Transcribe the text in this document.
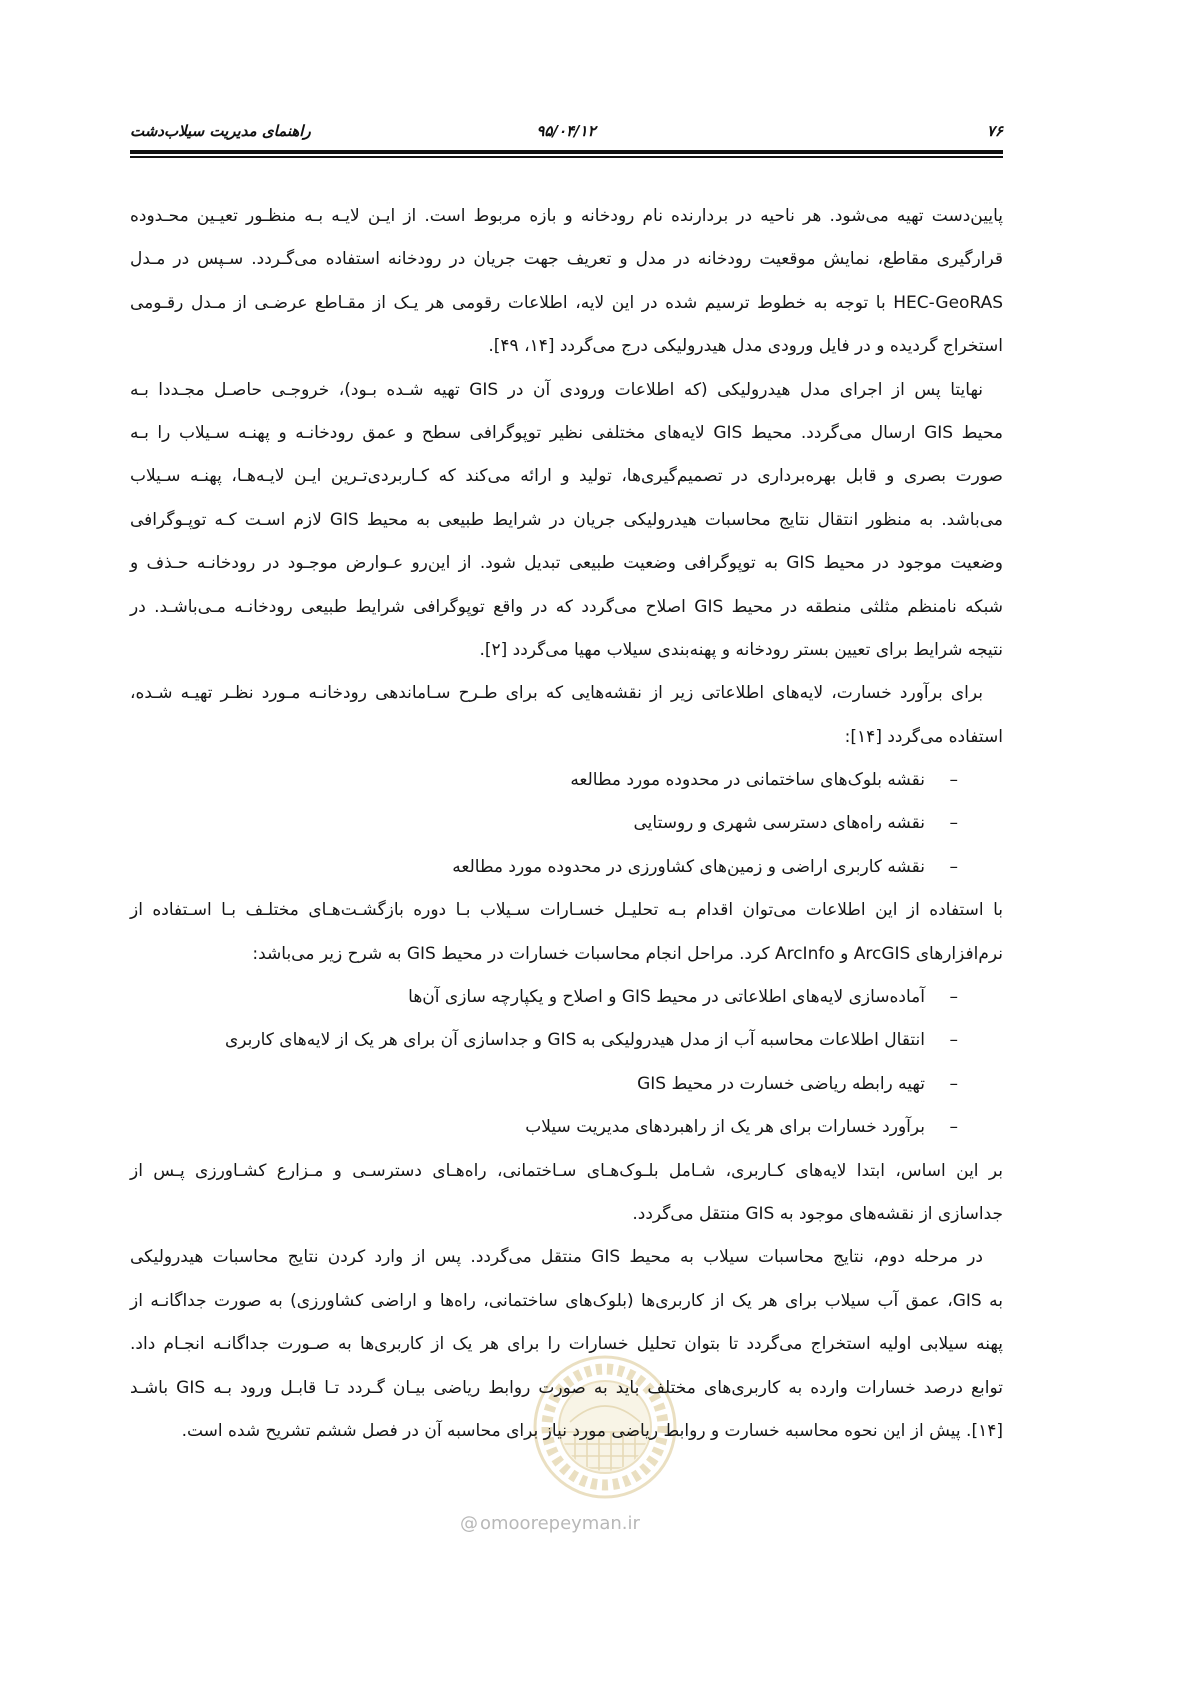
۷۶
۹۵/۰۴/۱۲
راهنمای مدیریت سیلاب‌دشت
پایین‌دست تهیه می‌شود. هر ناحیه در بردارنده نام رودخانه و بازه مربوط است. از ایـن لایـه بـه منظـور تعیـین محـدوده
قرارگیری مقاطع، نمایش موقعیت رودخانه در مدل و تعریف جهت جریان در رودخانه استفاده می‌گـردد. سـپس در مـدل
HEC-GeoRAS با توجه به خطوط ترسیم شده در این لایه، اطلاعات رقومی هر یـک از مقـاطع عرضـی از مـدل رقـومی
استخراج گردیده و در فایل ورودی مدل هیدرولیکی درج می‌گردد [۱۴، ۴۹].
نهایتا پس از اجرای مدل هیدرولیکی (که اطلاعات ورودی آن در GIS تهیه شـده بـود)، خروجـی حاصـل مجـددا بـه
محیط GIS ارسال می‌گردد. محیط GIS لایه‌های مختلفی نظیر توپوگرافی سطح و عمق رودخانـه و پهنـه سـیلاب را بـه
صورت بصری و قابل بهره‌برداری در تصمیم‌گیری‌ها، تولید و ارائه می‌کند که کـاربردی‌تـرین ایـن لایـه‌هـا، پهنـه سـیلاب
می‌باشد. به منظور انتقال نتایج محاسبات هیدرولیکی جریان در شرایط طبیعی به محیط GIS لازم اسـت کـه توپـوگرافی
وضعیت موجود در محیط GIS به توپوگرافی وضعیت طبیعی تبدیل شود. از این‌رو عـوارض موجـود در رودخانـه حـذف و
شبکه نامنظم مثلثی منطقه در محیط GIS اصلاح می‌گردد که در واقع توپوگرافی شرایط طبیعی رودخانـه مـی‌باشـد. در
نتیجه شرایط برای تعیین بستر رودخانه و پهنه‌بندی سیلاب مهیا می‌گردد [۲].
برای برآورد خسارت، لایه‌های اطلاعاتی زیر از نقشه‌هایی که برای طـرح سـاماندهی رودخانـه مـورد نظـر تهیـه شـده،
استفاده می‌گردد [۱۴]:
–
نقشه بلوک‌های ساختمانی در محدوده مورد مطالعه
–
نقشه راه‌های دسترسی شهری و روستایی
–
نقشه کاربری اراضی و زمین‌های کشاورزی در محدوده مورد مطالعه
با استفاده از این اطلاعات می‌توان اقدام بـه تحلیـل خسـارات سـیلاب بـا دوره بازگشـت‌هـای مختلـف بـا اسـتفاده از
نرم‌افزارهای ArcGIS و ArcInfo کرد. مراحل انجام محاسبات خسارات در محیط GIS به شرح زیر می‌باشد:
–
آماده‌سازی لایه‌های اطلاعاتی در محیط GIS و اصلاح و یکپارچه سازی آن‌ها
–
انتقال اطلاعات محاسبه آب از مدل هیدرولیکی به GIS و جداسازی آن برای هر یک از لایه‌های کاربری
–
تهیه رابطه ریاضی خسارت در محیط GIS
–
برآورد خسارات برای هر یک از راهبردهای مدیریت سیلاب
بر این اساس، ابتدا لایه‌های کـاربری، شـامل بلـوک‌هـای سـاختمانی، راه‌هـای دسترسـی و مـزارع کشـاورزی پـس از
جداسازی از نقشه‌های موجود به GIS منتقل می‌گردد.
در مرحله دوم، نتایج محاسبات سیلاب به محیط GIS منتقل می‌گردد. پس از وارد کردن نتایج محاسبات هیدرولیکی
به GIS، عمق آب سیلاب برای هر یک از کاربری‌ها (بلوک‌های ساختمانی، راه‌ها و اراضی کشاورزی) به صورت جداگانـه از
پهنه سیلابی اولیه استخراج می‌گردد تا بتوان تحلیل خسارات را برای هر یک از کاربری‌ها به صـورت جداگانـه انجـام داد.
توابع درصد خسارات وارده به کاربری‌های مختلف باید به صورت روابط ریاضی بیـان گـردد تـا قابـل ورود بـه GIS باشـد
[۱۴]. پیش از این نحوه محاسبه خسارت و روابط ریاضی مورد نیاز برای محاسبه آن در فصل ششم تشریح شده است.
@ omoorepeyman.ir
